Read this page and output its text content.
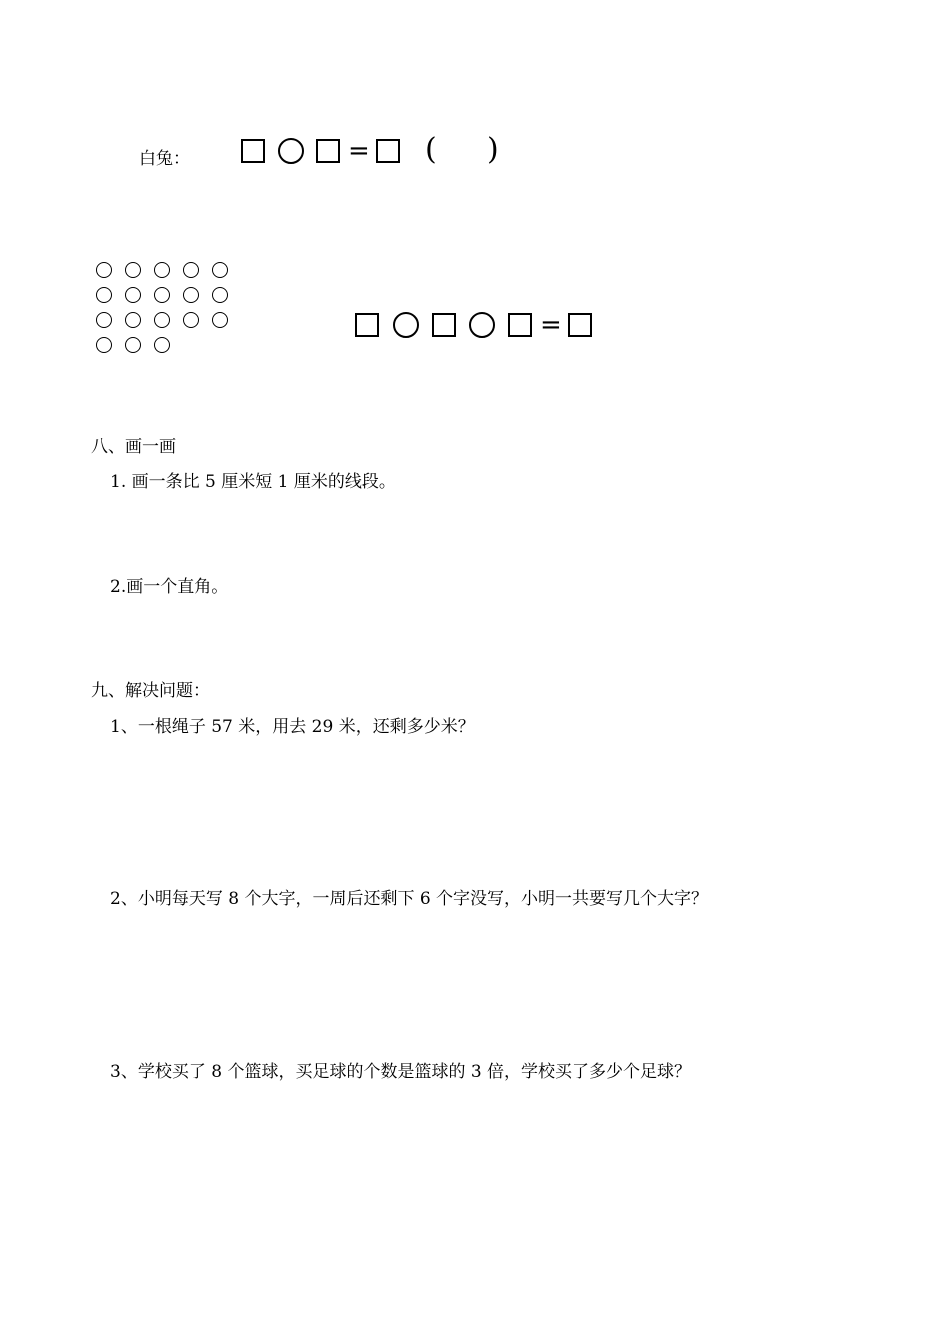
白兔：	= ( )
=
八、画一画
1. 画一条比 5 厘米短 1 厘米的线段。
2.画一个直角。
九、解决问题：
1、一根绳子 57 米，用去 29 米，还剩多少米？
2、小明每天写 8 个大字，一周后还剩下 6 个字没写，小明一共要写几个大字？
3、学校买了 8 个篮球，买足球的个数是篮球的 3 倍，学校买了多少个足球？
